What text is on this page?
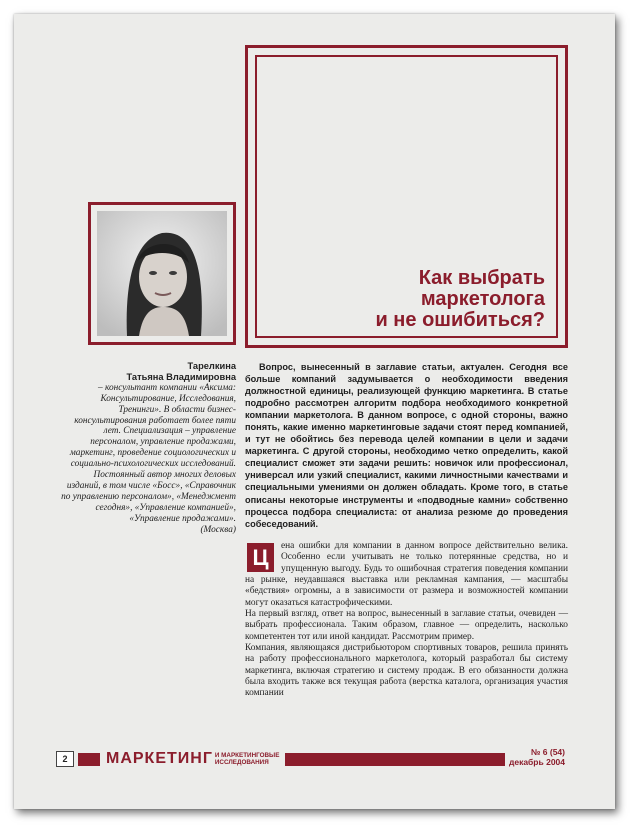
Как выбрать
маркетолога
и не ошибиться?
Тарелкина
Татьяна Владимировна
– консультант компании «Аксима: Консультирование, Исследования, Тренинги». В области бизнес-консультирования работает более пяти лет. Специализация – управление персоналом, управление продажами, маркетинг, проведение социологических и социально-психологических исследований. Постоянный автор многих деловых изданий, в том числе «Босс», «Справочник по управлению персоналом», «Менеджмент сегодня», «Управление компанией», «Управление продажами».
(Москва)
Вопрос, вынесенный в заглавие статьи, актуален. Сегодня все больше компаний задумывается о необходимости введения должностной единицы, реализующей функцию маркетинга. В статье подробно рассмотрен алгоритм подбора необходимого конкретной компании маркетолога. В данном вопросе, с одной стороны, важно понять, какие именно маркетинговые задачи стоят перед компанией, и тут не обойтись без перевода целей компании в цели и задачи маркетинга. С другой стороны, необходимо четко определить, какой специалист сможет эти задачи решить: новичок или профессионал, универсал или узкий специалист, какими личностными качествами и специальными умениями он должен обладать. Кроме того, в статье описаны некоторые инструменты и «подводные камни» собственно процесса подбора специалиста: от анализа резюме до проведения собеседований.
Ц	ена ошибки для компании в данном вопросе действительно велика. Особенно если учитывать не только потерянные средства, но и упущенную выгоду. Будь то ошибочная стратегия поведения компании на рынке, неудавшаяся выставка или рекламная кампания, — масштабы «бедствия» огромны, а в зависимости от размера и возможностей компании могут оказаться катастрофическими.

На первый взгляд, ответ на вопрос, вынесенный в заглавие статьи, очевиден — выбрать профессионала. Таким образом, главное — определить, насколько компетентен тот или иной кандидат. Рассмотрим пример.

Компания, являющаяся дистрибьютором спортивных товаров, решила принять на работу профессионального маркетолога, который разработал бы систему маркетинга, включая стратегию и систему продаж. В его обязанности должна была входить также вся текущая работа (верстка каталога, организация участия компании

2	МАРКЕТИНГ И МАРКЕТИНГОВЫЕ
ИССЛЕДОВАНИЯ
№ 6 (54)
декабрь 2004
